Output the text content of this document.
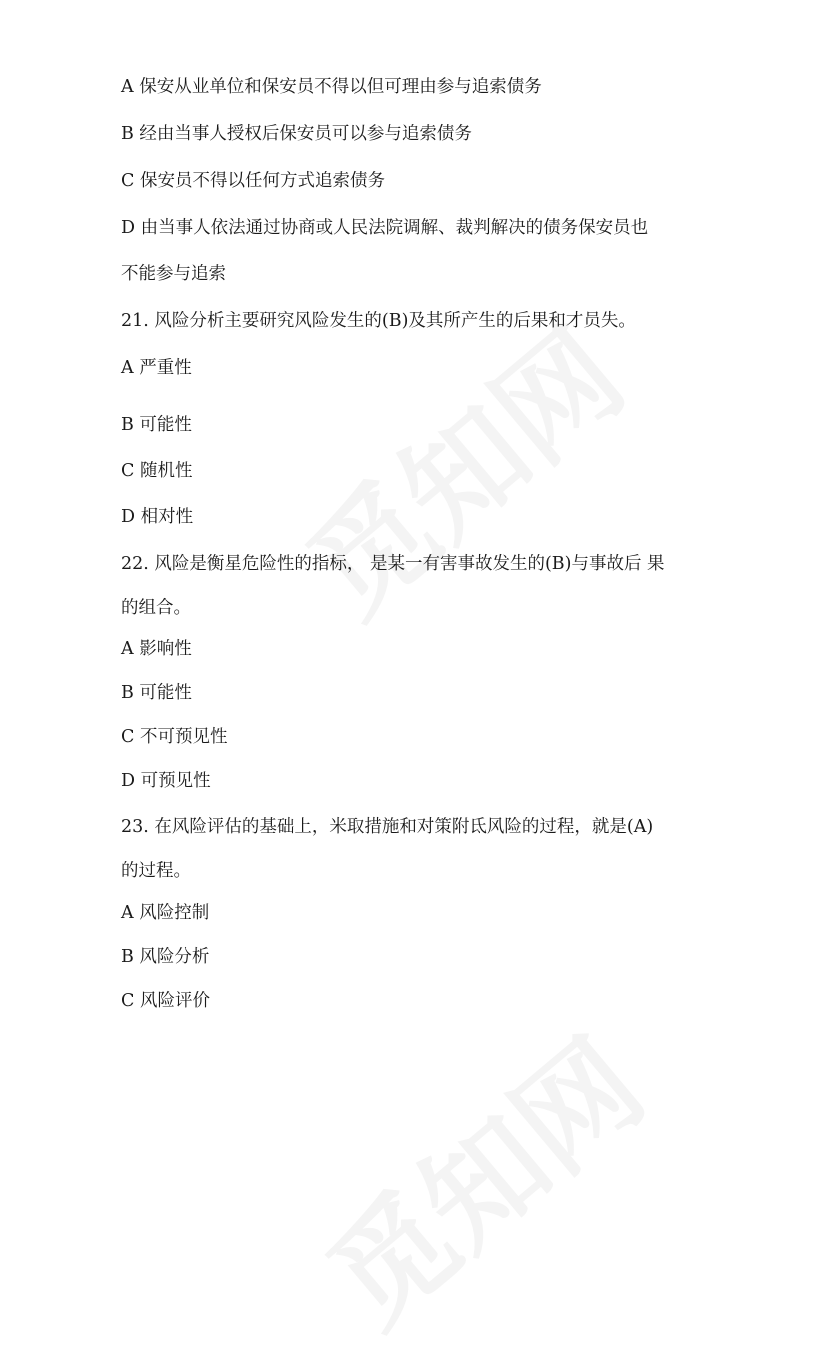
A 保安从业单位和保安员不得以但可理由参与追索债务
B 经由当事人授权后保安员可以参与追索债务
C 保安员不得以任何方式追索债务
D 由当事人依法通过协商或人民法院调解、裁判解决的债务保安员也
不能参与追索
21. 风险分析主要研究风险发生的(B)及其所产生的后果和才员失。
A 严重性
B 可能性
C 随机性
D 相对性
22. 风险是衡星危险性的指标， 是某一有害事故发生的(B)与事故后 果
的组合。
A 影响性
B 可能性
C 不可预见性
D 可预见性
23. 在风险评估的基础上，米取措施和对策附氐风险的过程，就是(A)
的过程。
A 风险控制
B 风险分析
C 风险评价
